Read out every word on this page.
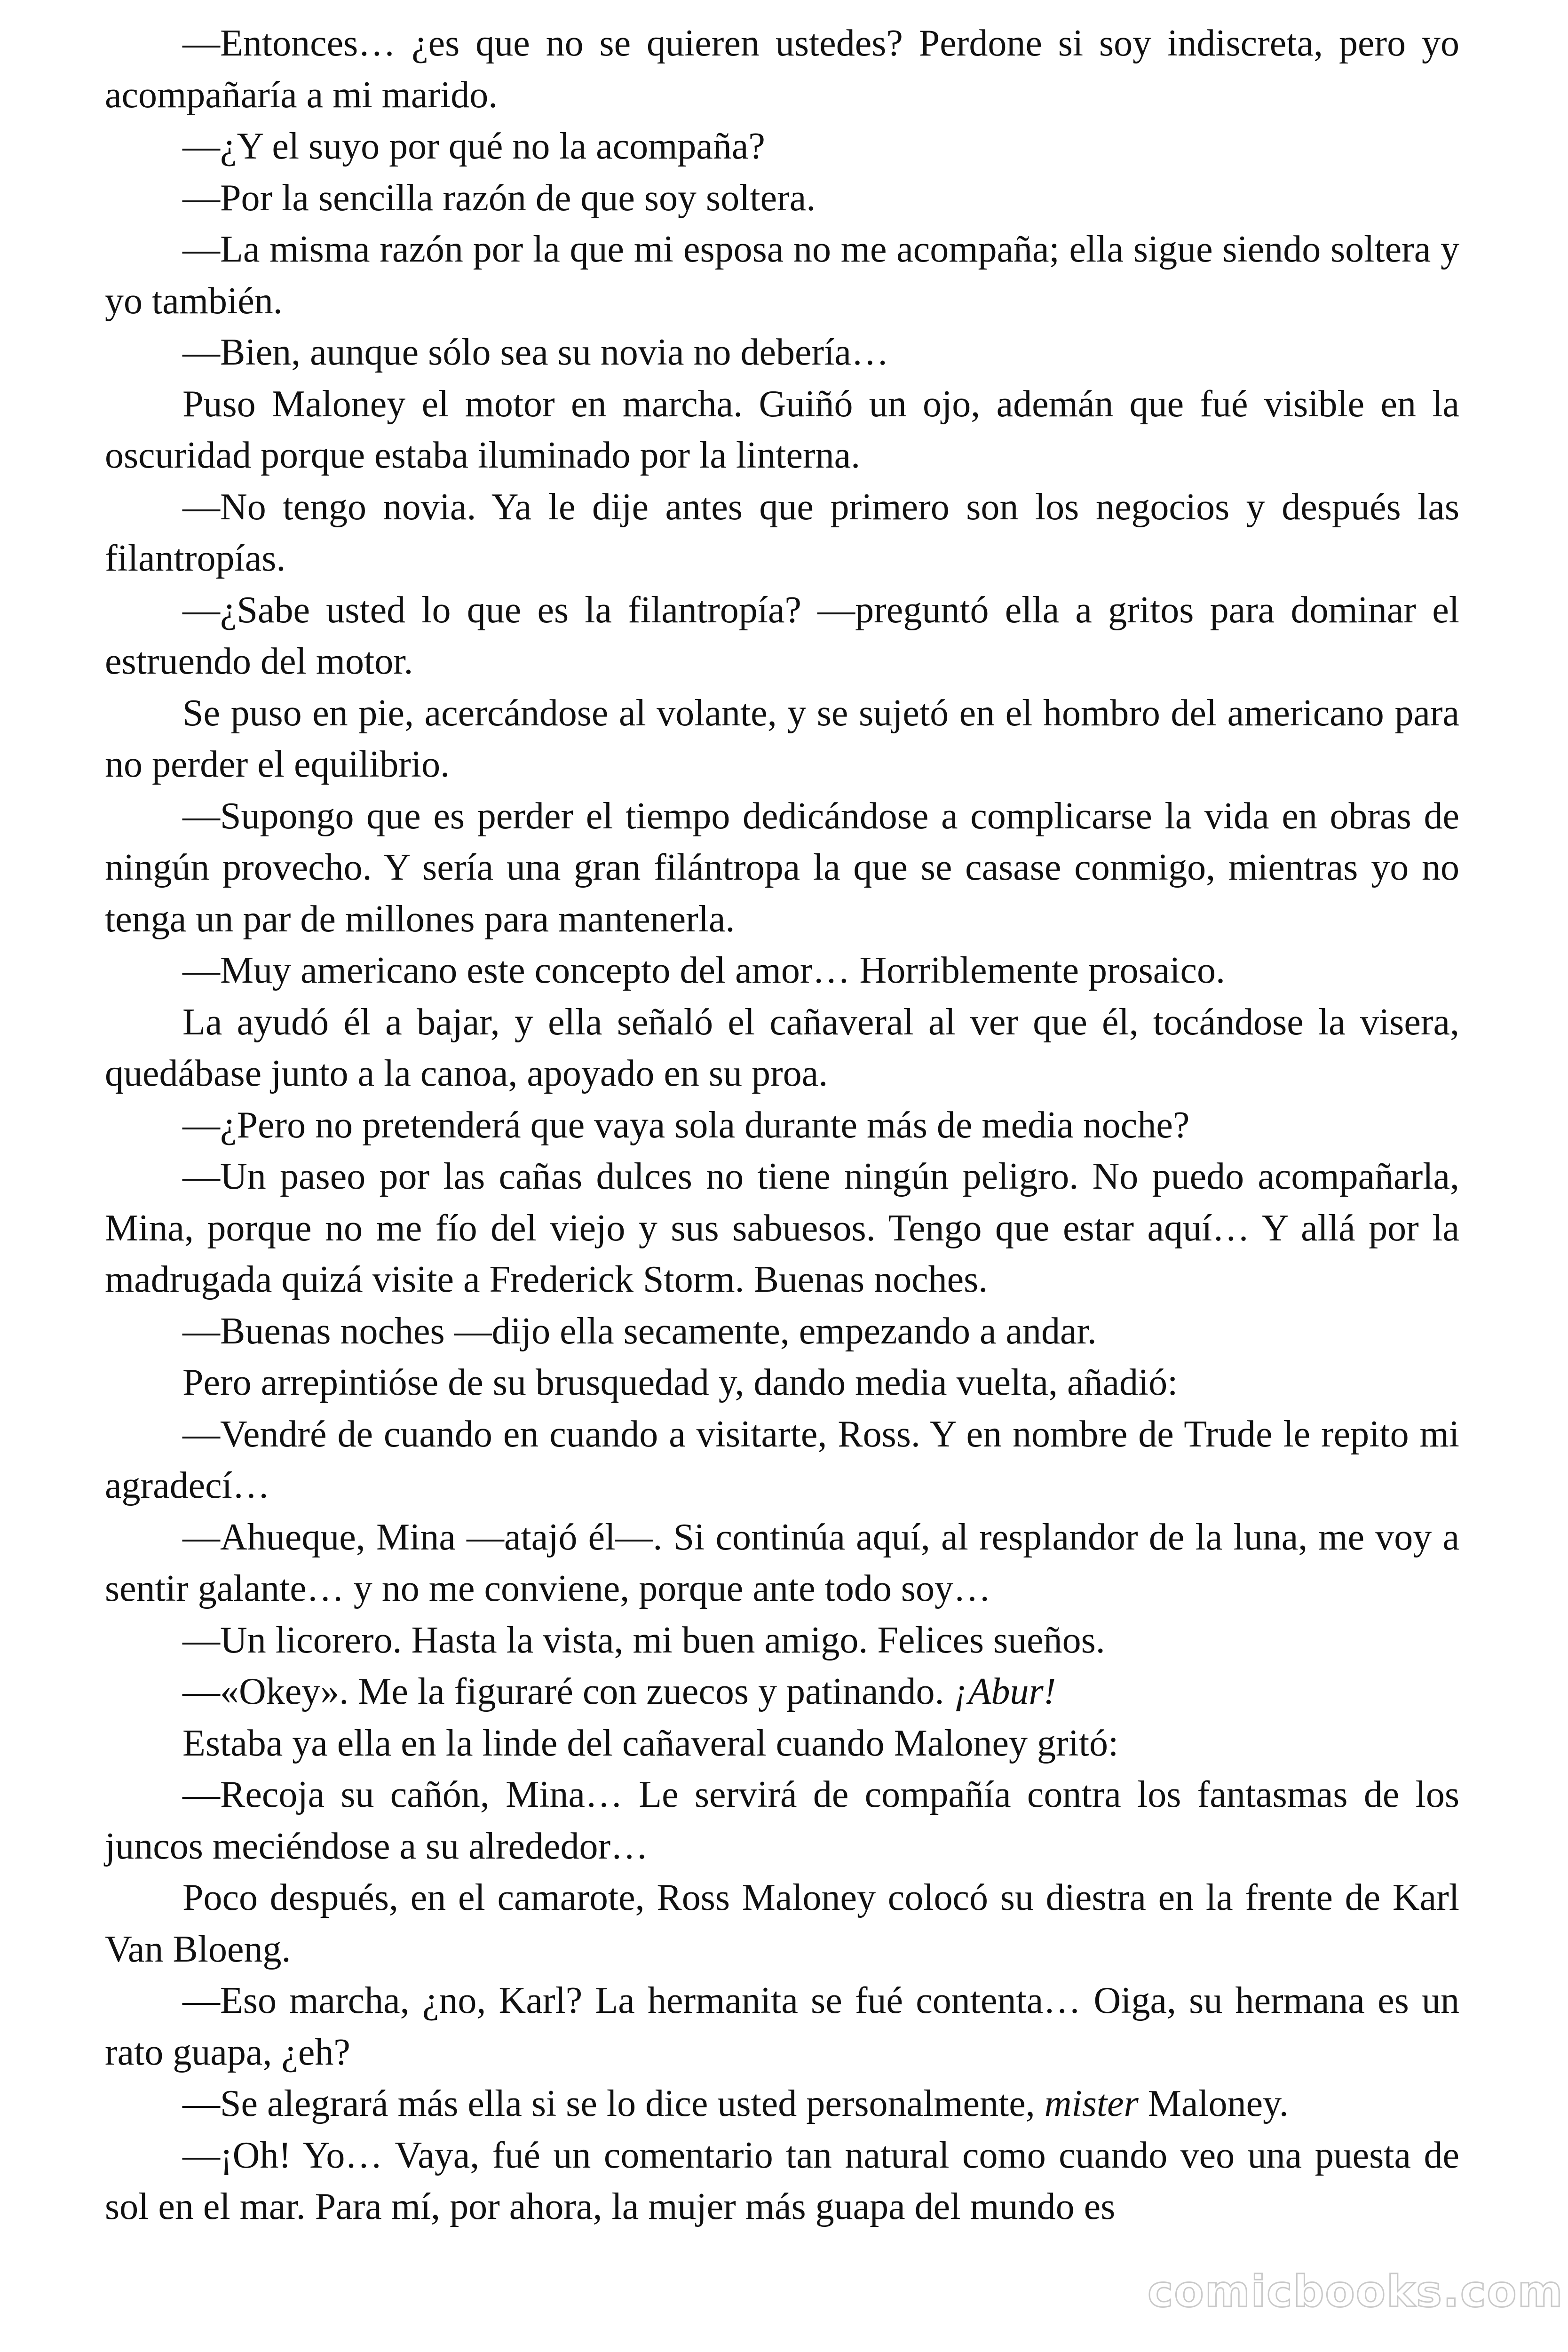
—Entonces… ¿es que no se quieren ustedes? Perdone si soy indiscreta, pero yo acompañaría a mi marido.

—¿Y el suyo por qué no la acompaña?

—Por la sencilla razón de que soy soltera.

—La misma razón por la que mi esposa no me acompaña; ella sigue siendo soltera y yo también.

—Bien, aunque sólo sea su novia no debería…

Puso Maloney el motor en marcha. Guiñó un ojo, ademán que fué visible en la oscuridad porque estaba iluminado por la linterna.

—No tengo novia. Ya le dije antes que primero son los negocios y después las filantropías.

—¿Sabe usted lo que es la filantropía? —preguntó ella a gritos para dominar el estruendo del motor.

Se puso en pie, acercándose al volante, y se sujetó en el hombro del americano para no perder el equilibrio.

—Supongo que es perder el tiempo dedicándose a complicarse la vida en obras de ningún provecho. Y sería una gran filántropa la que se casase conmigo, mientras yo no tenga un par de millones para mantenerla.

—Muy americano este concepto del amor… Horriblemente prosaico.

La ayudó él a bajar, y ella señaló el cañaveral al ver que él, tocándose la visera, quedábase junto a la canoa, apoyado en su proa.

—¿Pero no pretenderá que vaya sola durante más de media noche?

—Un paseo por las cañas dulces no tiene ningún peligro. No puedo acompañarla, Mina, porque no me fío del viejo y sus sabuesos. Tengo que estar aquí… Y allá por la madrugada quizá visite a Frederick Storm. Buenas noches.

—Buenas noches —dijo ella secamente, empezando a andar.

Pero arrepintióse de su brusquedad y, dando media vuelta, añadió:

—Vendré de cuando en cuando a visitarte, Ross. Y en nombre de Trude le repito mi agradecí…

—Ahueque, Mina —atajó él—. Si continúa aquí, al resplandor de la luna, me voy a sentir galante… y no me conviene, porque ante todo soy…

—Un licorero. Hasta la vista, mi buen amigo. Felices sueños.

—«Okey». Me la figuraré con zuecos y patinando. ¡Abur!

Estaba ya ella en la linde del cañaveral cuando Maloney gritó:

—Recoja su cañón, Mina… Le servirá de compañía contra los fantasmas de los juncos meciéndose a su alrededor…

Poco después, en el camarote, Ross Maloney colocó su diestra en la frente de Karl Van Bloeng.

—Eso marcha, ¿no, Karl? La hermanita se fué contenta… Oiga, su hermana es un rato guapa, ¿eh?

—Se alegrará más ella si se lo dice usted personalmente, mister Maloney.

—¡Oh! Yo… Vaya, fué un comentario tan natural como cuando veo una puesta de sol en el mar. Para mí, por ahora, la mujer más guapa del mundo es

comicbooks.com
